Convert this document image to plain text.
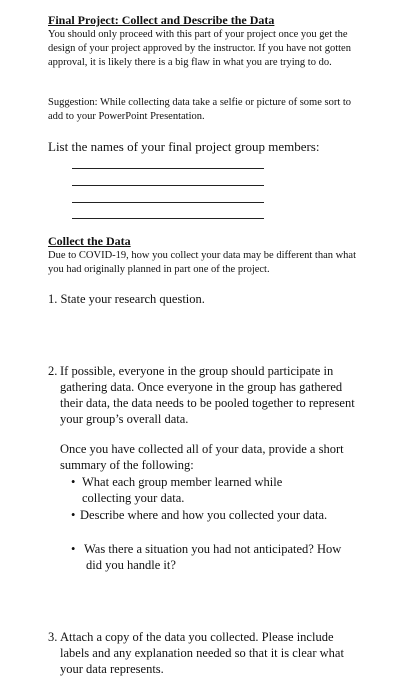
Final Project: Collect and Describe the Data
You should only proceed with this part of your project once you get the design of your project approved by the instructor. If you have not gotten approval, it is likely there is a big flaw in what you are trying to do.
Suggestion: While collecting data take a selfie or picture of some sort to add to your PowerPoint Presentation.
List the names of your final project group members:
Collect the Data
Due to COVID-19, how you collect your data may be different than what you had originally planned in part one of the project.
1. State your research question.
2. If possible, everyone in the group should participate in gathering data. Once everyone in the group has gathered their data, the data needs to be pooled together to represent your group’s overall data.
Once you have collected all of your data, provide a short summary of the following:
• What each group member learned while collecting your data.
• Describe where and how you collected your data.
• Was there a situation you had not anticipated? How did you handle it?
3. Attach a copy of the data you collected. Please include labels and any explanation needed so that it is clear what your data represents.
